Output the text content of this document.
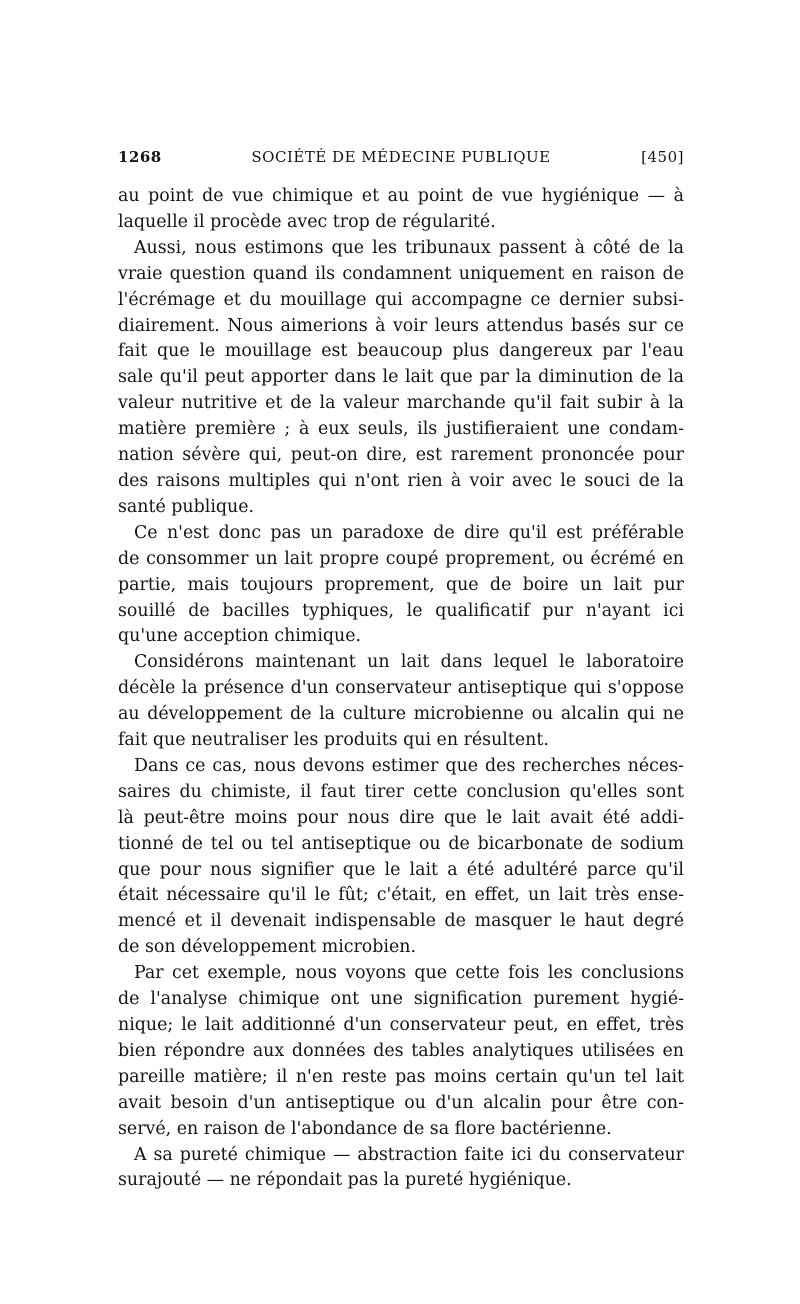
1268	SOCIÉTÉ DE MÉDECINE PUBLIQUE	[450]
au point de vue chimique et au point de vue hygiénique — à
laquelle il procède avec trop de régularité.
Aussi, nous estimons que les tribunaux passent à côté de la
vraie question quand ils condamnent uniquement en raison de
l'écrémage et du mouillage qui accompagne ce dernier subsi-
diairement. Nous aimerions à voir leurs attendus basés sur ce
fait que le mouillage est beaucoup plus dangereux par l'eau
sale qu'il peut apporter dans le lait que par la diminution de la
valeur nutritive et de la valeur marchande qu'il fait subir à la
matière première ; à eux seuls, ils justifieraient une condam-
nation sévère qui, peut-on dire, est rarement prononcée pour
des raisons multiples qui n'ont rien à voir avec le souci de la
santé publique.
Ce n'est donc pas un paradoxe de dire qu'il est préférable
de consommer un lait propre coupé proprement, ou écrémé en
partie, mais toujours proprement, que de boire un lait pur
souillé de bacilles typhiques, le qualificatif pur n'ayant ici
qu'une acception chimique.
Considérons maintenant un lait dans lequel le laboratoire
décèle la présence d'un conservateur antiseptique qui s'oppose
au développement de la culture microbienne ou alcalin qui ne
fait que neutraliser les produits qui en résultent.
Dans ce cas, nous devons estimer que des recherches néces-
saires du chimiste, il faut tirer cette conclusion qu'elles sont
là peut-être moins pour nous dire que le lait avait été addi-
tionné de tel ou tel antiseptique ou de bicarbonate de sodium
que pour nous signifier que le lait a été adultéré parce qu'il
était nécessaire qu'il le fût; c'était, en effet, un lait très ense-
mencé et il devenait indispensable de masquer le haut degré
de son développement microbien.
Par cet exemple, nous voyons que cette fois les conclusions
de l'analyse chimique ont une signification purement hygié-
nique; le lait additionné d'un conservateur peut, en effet, très
bien répondre aux données des tables analytiques utilisées en
pareille matière; il n'en reste pas moins certain qu'un tel lait
avait besoin d'un antiseptique ou d'un alcalin pour être con-
servé, en raison de l'abondance de sa flore bactérienne.
A sa pureté chimique — abstraction faite ici du conservateur
surajouté — ne répondait pas la pureté hygiénique.
